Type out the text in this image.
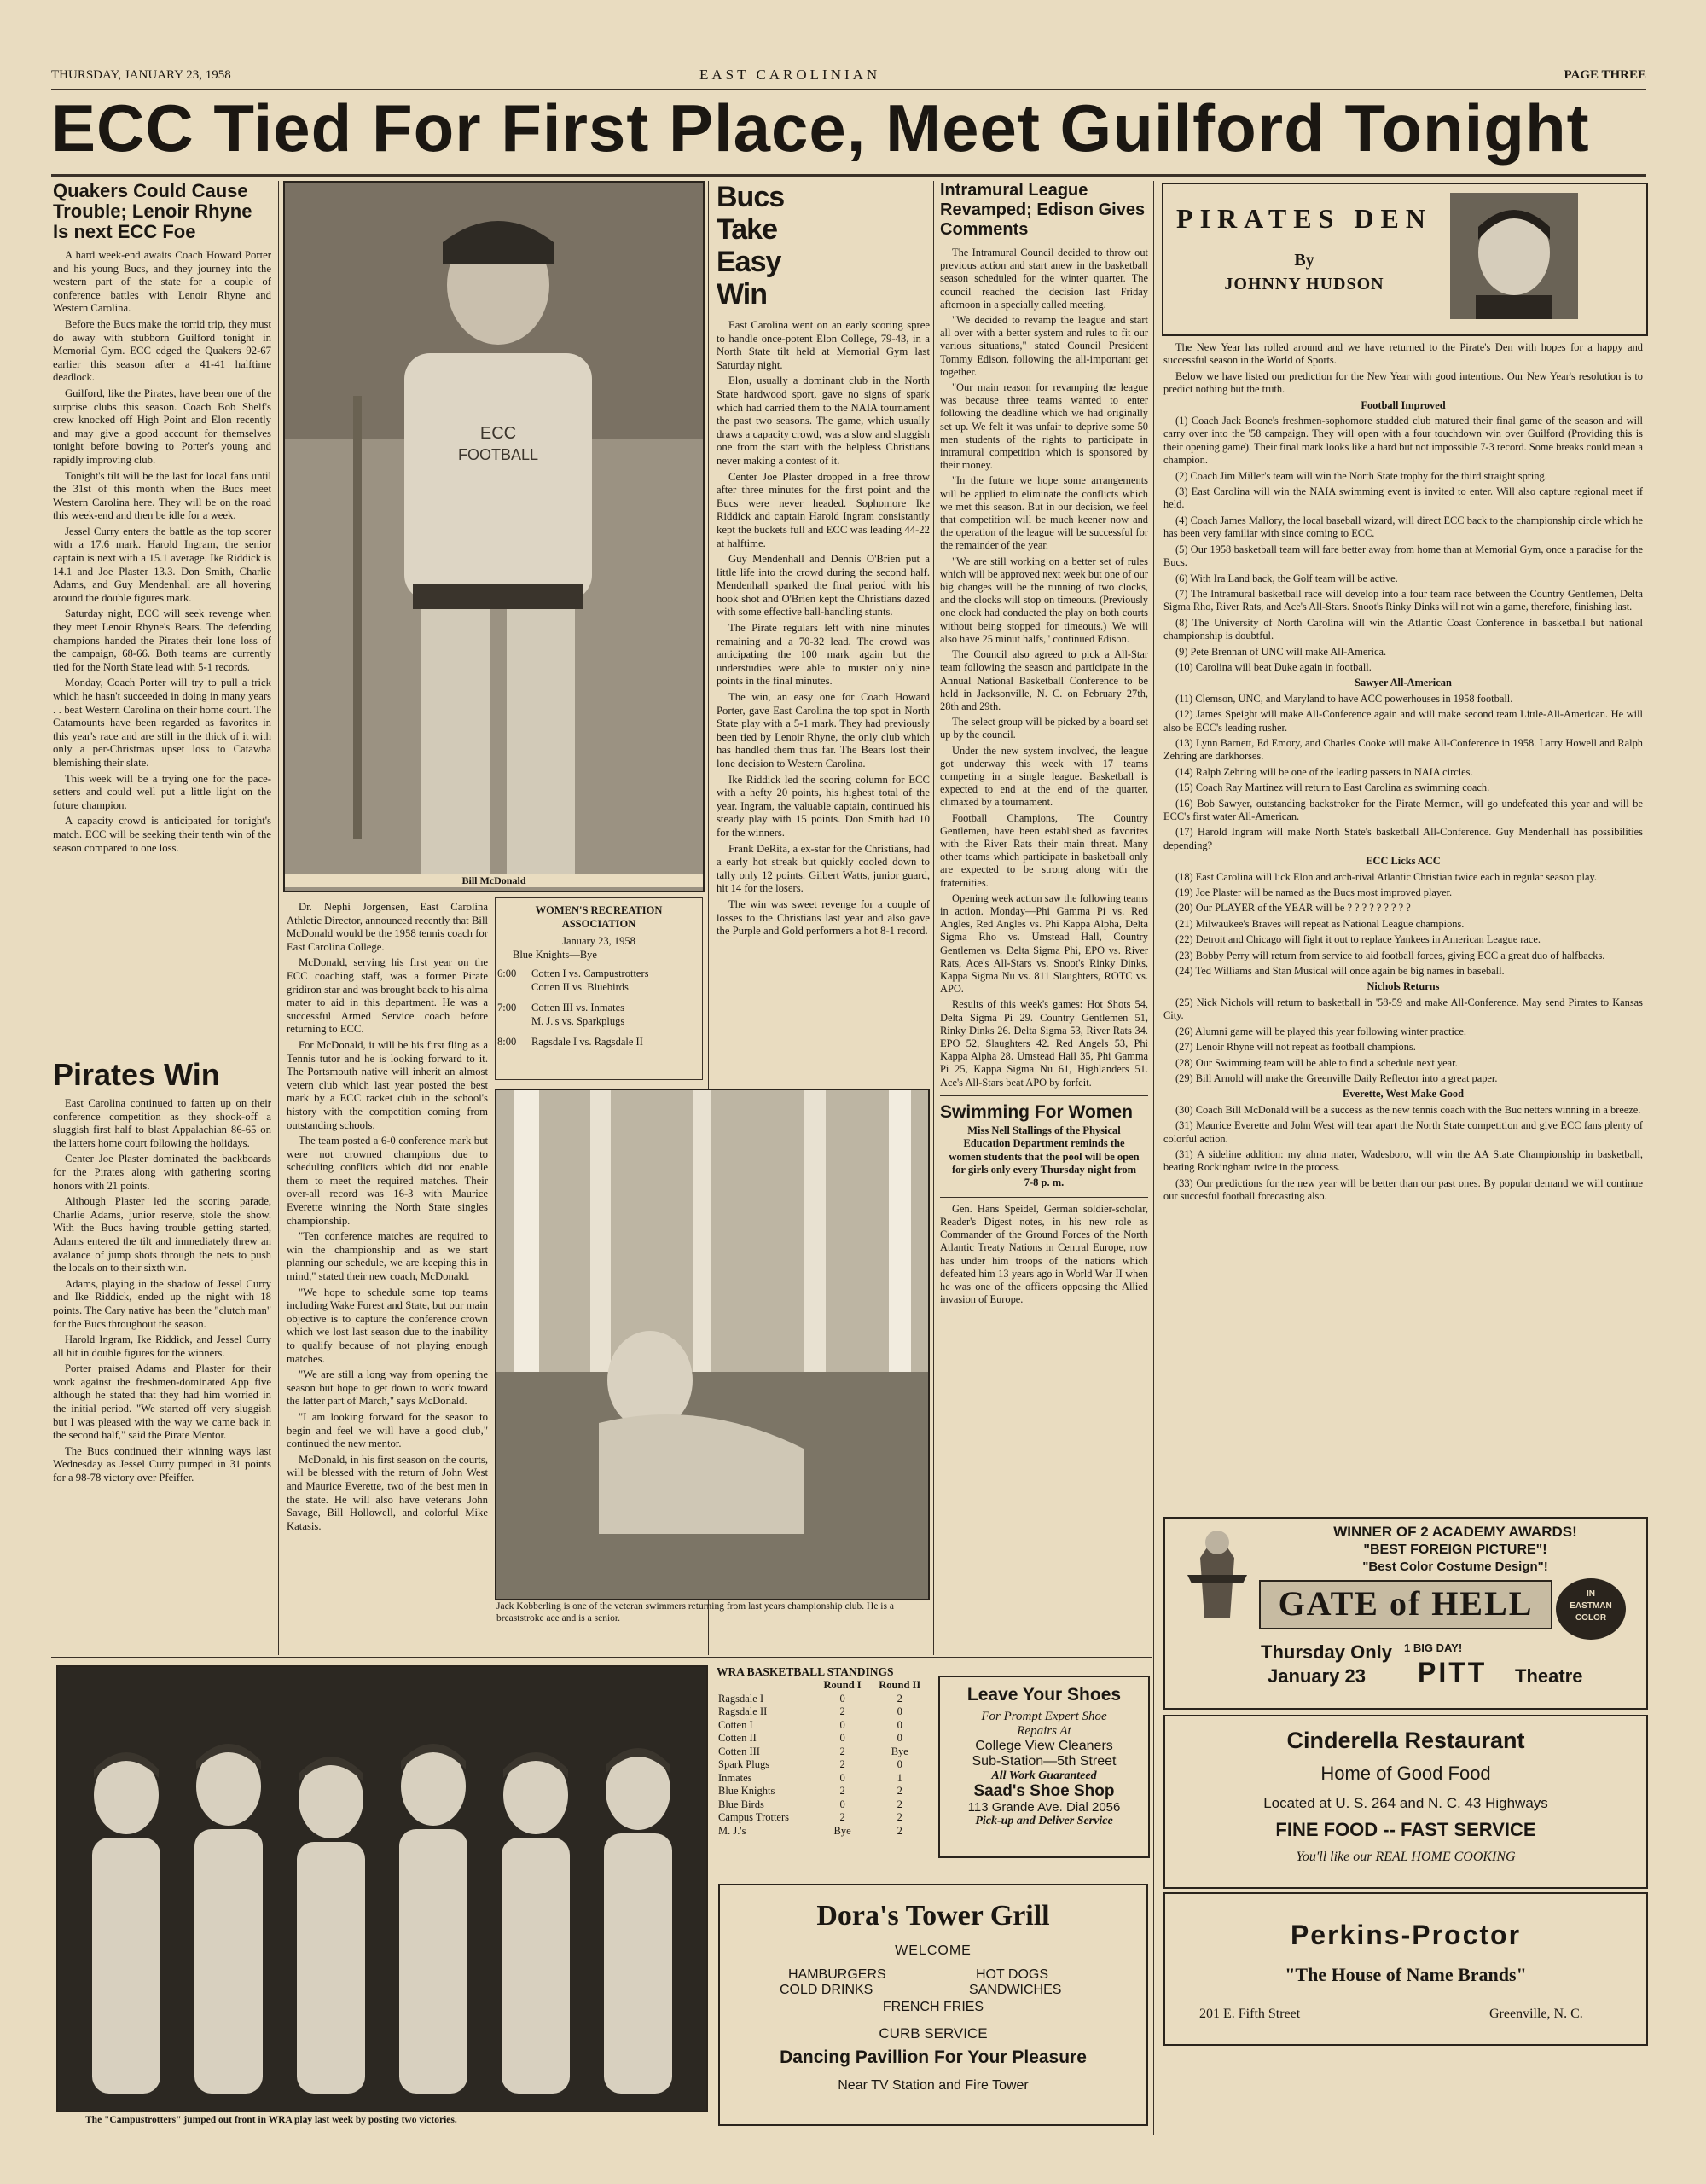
THURSDAY, JANUARY 23, 1958	EAST CAROLINIAN	PAGE THREE
ECC Tied For First Place, Meet Guilford Tonight
Quakers Could Cause Trouble; Lenoir Rhyne Is next ECC Foe

A hard week-end awaits Coach Howard Porter and his young Bucs, and they journey into the western part of the state for a couple of conference battles with Lenoir Rhyne and Western Carolina.

Before the Bucs make the torrid trip, they must do away with stubborn Guilford tonight in Memorial Gym. ECC edged the Quakers 92-67 earlier this season after a 41-41 halftime deadlock.

Guilford, like the Pirates, have been one of the surprise clubs this season. Coach Bob Shelf's crew knocked off High Point and Elon recently and may give a good account for themselves tonight before bowing to Porter's young and rapidly improving club.

Tonight's tilt will be the last for local fans until the 31st of this month when the Bucs meet Western Carolina here. They will be on the road this week-end and then be idle for a week.

Jessel Curry enters the battle as the top scorer with a 17.6 mark. Harold Ingram, the senior captain is next with a 15.1 average. Ike Riddick is 14.1 and Joe Plaster 13.3. Don Smith, Charlie Adams, and Guy Mendenhall are all hovering around the double figures mark.

Saturday night, ECC will seek revenge when they meet Lenoir Rhyne's Bears. The defending champions handed the Pirates their lone loss of the campaign, 68-66. Both teams are currently tied for the North State lead with 5-1 records.

Monday, Coach Porter will try to pull a trick which he hasn't succeeded in doing in many years . . beat Western Carolina on their home court. The Catamounts have been regarded as favorites in this year's race and are still in the thick of it with only a per-Christmas upset loss to Catawba blemishing their slate.

This week will be a trying one for the pace-setters and could well put a little light on the future champion.

A capacity crowd is anticipated for tonight's match. ECC will be seeking their tenth win of the season compared to one loss.

Pirates Win

East Carolina continued to fatten up on their conference competition as they shook-off a sluggish first half to blast Appalachian 86-65 on the latters home court following the holidays.

Center Joe Plaster dominated the backboards for the Pirates along with gathering scoring honors with 21 points.

Although Plaster led the scoring parade, Charlie Adams, junior reserve, stole the show. With the Bucs having trouble getting started, Adams entered the tilt and immediately threw an avalance of jump shots through the nets to push the locals on to their sixth win.

Adams, playing in the shadow of Jessel Curry and Ike Riddick, ended up the night with 18 points. The Cary native has been the "clutch man" for the Bucs throughout the season.

Harold Ingram, Ike Riddick, and Jessel Curry all hit in double figures for the winners.

Porter praised Adams and Plaster for their work against the freshmen-dominated App five although he stated that they had him worried in the initial period. "We started off very sluggish but I was pleased with the way we came back in the second half," said the Pirate Mentor.

The Bucs continued their winning ways last Wednesday as Jessel Curry pumped in 31 points for a 98-78 victory over Pfeiffer.

ECC
FOOTBALL
Bill McDonald

Dr. Nephi Jorgensen, East Carolina Athletic Director, announced recently that Bill McDonald would be the 1958 tennis coach for East Carolina College.

McDonald, serving his first year on the ECC coaching staff, was a former Pirate gridiron star and was brought back to his alma mater to aid in this department. He was a successful Armed Service coach before returning to ECC.

For McDonald, it will be his first fling as a Tennis tutor and he is looking forward to it. The Portsmouth native will inherit an almost vetern club which last year posted the best mark by a ECC racket club in the school's history with the competition coming from outstanding schools.

The team posted a 6-0 conference mark but were not crowned champions due to scheduling conflicts which did not enable them to meet the required matches. Their over-all record was 16-3 with Maurice Everette winning the North State singles championship.

"Ten conference matches are required to win the championship and as we start planning our schedule, we are keeping this in mind," stated their new coach, McDonald.

"We hope to schedule some top teams including Wake Forest and State, but our main objective is to capture the conference crown which we lost last season due to the inability to qualify because of not playing enough matches.

"We are still a long way from opening the season but hope to get down to work toward the latter part of March," says McDonald.

"I am looking forward for the season to begin and feel we will have a good club," continued the new mentor.

McDonald, in his first season on the courts, will be blessed with the return of John West and Maurice Everette, two of the best men in the state. He will also have veterans John Savage, Bill Hollowell, and colorful Mike Katasis.

WOMEN'S RECREATION
ASSOCIATION
January 23, 1958
Blue Knights—Bye
6:00 Cotten I vs. Campustrotters
Cotten II vs. Bluebirds
7:00 Cotten III vs. Inmates
M. J.'s vs. Sparkplugs
8:00 Ragsdale I vs. Ragsdale II
Jack Kobberling is one of the veteran swimmers returning from last years championship club. He is a breaststroke ace and is a senior.
Bucs Take Easy Win

East Carolina went on an early scoring spree to handle once-potent Elon College, 79-43, in a North State tilt held at Memorial Gym last Saturday night.

Elon, usually a dominant club in the North State hardwood sport, gave no signs of spark which had carried them to the NAIA tournament the past two seasons. The game, which usually draws a capacity crowd, was a slow and sluggish one from the start with the helpless Christians never making a contest of it.

Center Joe Plaster dropped in a free throw after three minutes for the first point and the Bucs were never headed. Sophomore Ike Riddick and captain Harold Ingram consistantly kept the buckets full and ECC was leading 44-22 at halftime.

Guy Mendenhall and Dennis O'Brien put a little life into the crowd during the second half. Mendenhall sparked the final period with his hook shot and O'Brien kept the Christians dazed with some effective ball-handling stunts.

The Pirate regulars left with nine minutes remaining and a 70-32 lead. The crowd was anticipating the 100 mark again but the understudies were able to muster only nine points in the final minutes.

The win, an easy one for Coach Howard Porter, gave East Carolina the top spot in North State play with a 5-1 mark. They had previously been tied by Lenoir Rhyne, the only club which has handled them thus far. The Bears lost their lone decision to Western Carolina.

Ike Riddick led the scoring column for ECC with a hefty 20 points, his highest total of the year. Ingram, the valuable captain, continued his steady play with 15 points. Don Smith had 10 for the winners.

Frank DeRita, a ex-star for the Christians, had a early hot streak but quickly cooled down to tally only 12 points. Gilbert Watts, junior guard, hit 14 for the losers.

The win was sweet revenge for a couple of losses to the Christians last year and also gave the Purple and Gold performers a hot 8-1 record.

Intramural League Revamped; Edison Gives Comments

The Intramural Council decided to throw out previous action and start anew in the basketball season scheduled for the winter quarter. The council reached the decision last Friday afternoon in a specially called meeting.

"We decided to revamp the league and start all over with a better system and rules to fit our various situations," stated Council President Tommy Edison, following the all-important get together.

"Our main reason for revamping the league was because three teams wanted to enter following the deadline which we had originally set up. We felt it was unfair to deprive some 50 men students of the rights to participate in intramural competition which is sponsored by their money.

"In the future we hope some arrangements will be applied to eliminate the conflicts which we met this season. But in our decision, we feel that competition will be much keener now and the operation of the league will be successful for the remainder of the year.

"We are still working on a better set of rules which will be approved next week but one of our big changes will be the running of two clocks, and the clocks will stop on timeouts. (Previously one clock had conducted the play on both courts without being stopped for timeouts.) We will also have 25 minut halfs," continued Edison.

The Council also agreed to pick a All-Star team following the season and participate in the Annual National Basketball Conference to be held in Jacksonville, N. C. on February 27th, 28th and 29th.

The select group will be picked by a board set up by the council.

Under the new system involved, the league got underway this week with 17 teams competing in a single league. Basketball is expected to end at the end of the quarter, climaxed by a tournament.

Football Champions, The Country Gentlemen, have been established as favorites with the River Rats their main threat. Many other teams which participate in basketball only are expected to be strong along with the fraternities.

Opening week action saw the following teams in action. Monday—Phi Gamma Pi vs. Red Angles, Red Angles vs. Phi Kappa Alpha, Delta Sigma Rho vs. Umstead Hall, Country Gentlemen vs. Delta Sigma Phi, EPO vs. River Rats, Ace's All-Stars vs. Snoot's Rinky Dinks, Kappa Sigma Nu vs. 811 Slaughters, ROTC vs. APO.

Results of this week's games: Hot Shots 54, Delta Sigma Pi 29. Country Gentlemen 51, Rinky Dinks 26. Delta Sigma 53, River Rats 34. EPO 52, Slaughters 42. Red Angels 53, Phi Kappa Alpha 28. Umstead Hall 35, Phi Gamma Pi 25, Kappa Sigma Nu 61, Highlanders 51. Ace's All-Stars beat APO by forfeit.

Swimming For Women
Miss Nell Stallings of the Physical Education Department reminds the women students that the pool will be open for girls only every Thursday night from 7-8 p. m.

Gen. Hans Speidel, German soldier-scholar, Reader's Digest notes, in his new role as Commander of the Ground Forces of the North Atlantic Treaty Nations in Central Europe, now has under him troops of the nations which defeated him 13 years ago in World War II when he was one of the officers opposing the Allied invasion of Europe.

PIRATES DEN
By
JOHNNY HUDSON

The New Year has rolled around and we have returned to the Pirate's Den with hopes for a happy and successful season in the World of Sports.

Below we have listed our prediction for the New Year with good intentions. Our New Year's resolution is to predict nothing but the truth.

Football Improved

(1) Coach Jack Boone's freshmen-sophomore studded club matured their final game of the season and will carry over into the '58 campaign. They will open with a four touchdown win over Guilford (Providing this is their opening game). Their final mark looks like a hard but not impossible 7-3 record. Some breaks could mean a champion.

(2) Coach Jim Miller's team will win the North State trophy for the third straight spring.

(3) East Carolina will win the NAIA swimming event is invited to enter. Will also capture regional meet if held.

(4) Coach James Mallory, the local baseball wizard, will direct ECC back to the championship circle which he has been very familiar with since coming to ECC.

(5) Our 1958 basketball team will fare better away from home than at Memorial Gym, once a paradise for the Bucs.

(6) With Ira Land back, the Golf team will be active.

(7) The Intramural basketball race will develop into a four team race between the Country Gentlemen, Delta Sigma Rho, River Rats, and Ace's All-Stars. Snoot's Rinky Dinks will not win a game, therefore, finishing last.

(8) The University of North Carolina will win the Atlantic Coast Conference in basketball but national championship is doubtful.

(9) Pete Brennan of UNC will make All-America.

(10) Carolina will beat Duke again in football.

Sawyer All-American

(11) Clemson, UNC, and Maryland to have ACC powerhouses in 1958 football.

(12) James Speight will make All-Conference again and will make second team Little-All-American. He will also be ECC's leading rusher.

(13) Lynn Barnett, Ed Emory, and Charles Cooke will make All-Conference in 1958. Larry Howell and Ralph Zehring are darkhorses.

(14) Ralph Zehring will be one of the leading passers in NAIA circles.

(15) Coach Ray Martinez will return to East Carolina as swimming coach.

(16) Bob Sawyer, outstanding backstroker for the Pirate Mermen, will go undefeated this year and will be ECC's first water All-American.

(17) Harold Ingram will make North State's basketball All-Conference. Guy Mendenhall has possibilities depending?

ECC Licks ACC

(18) East Carolina will lick Elon and arch-rival Atlantic Christian twice each in regular season play.

(19) Joe Plaster will be named as the Bucs most improved player.

(20) Our PLAYER of the YEAR will be ? ? ? ? ? ? ? ? ?

(21) Milwaukee's Braves will repeat as National League champions.

(22) Detroit and Chicago will fight it out to replace Yankees in American League race.

(23) Bobby Perry will return from service to aid football forces, giving ECC a great duo of halfbacks.

(24) Ted Williams and Stan Musical will once again be big names in baseball.

Nichols Returns

(25) Nick Nichols will return to basketball in '58-59 and make All-Conference. May send Pirates to Kansas City.

(26) Alumni game will be played this year following winter practice.

(27) Lenoir Rhyne will not repeat as football champions.

(28) Our Swimming team will be able to find a schedule next year.

(29) Bill Arnold will make the Greenville Daily Reflector into a great paper.

Everette, West Make Good

(30) Coach Bill McDonald will be a success as the new tennis coach with the Buc netters winning in a breeze.

(31) Maurice Everette and John West will tear apart the North State competition and give ECC fans plenty of colorful action.

(31) A sideline addition: my alma mater, Wadesboro, will win the AA State Championship in basketball, beating Rockingham twice in the process.

(33) Our predictions for the new year will be better than our past ones. By popular demand we will continue our succesful football forecasting also.

WINNER OF 2 ACADEMY AWARDS!
"BEST FOREIGN PICTURE"!
"Best Color Costume Design"!
GATE of HELL	IN
EASTMAN
COLOR
1 BIG DAY!
Thursday Only
January 23 PITT Theatre
Cinderella Restaurant
Home of Good Food
Located at U. S. 264 and N. C. 43 Highways
FINE FOOD -- FAST SERVICE
You'll like our REAL HOME COOKING
Perkins-Proctor
"The House of Name Brands"
201 E. Fifth Street	Greenville, N. C.
The "Campustrotters" jumped out front in WRA play last week by posting two victories.
WRA BASKETBALL STANDINGS
	Round I	Round II
Ragsdale I	0	2
Ragsdale II	2	0
Cotten I	0	0
Cotten II	0	0
Cotten III	2	Bye
Spark Plugs	2	0
Inmates	0	1
Blue Knights	2	2
Blue Birds	0	2
Campus Trotters	2	2
M. J.'s	Bye	2
Leave Your Shoes
For Prompt Expert Shoe
Repairs At
College View Cleaners
Sub-Station—5th Street
All Work Guaranteed
Saad's Shoe Shop
113 Grande Ave. Dial 2056
Pick-up and Deliver Service
Dora's Tower Grill
WELCOME
HAMBURGERS	HOT DOGS
COLD DRINKS	SANDWICHES
FRENCH FRIES
CURB SERVICE
Dancing Pavillion For Your Pleasure
Near TV Station and Fire Tower
